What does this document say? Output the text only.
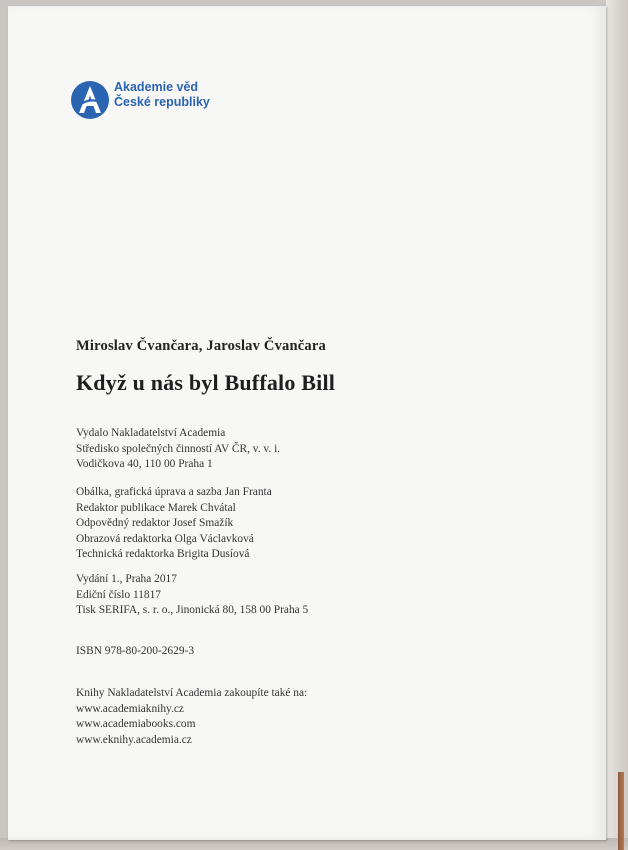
Akademie věd
České republiky
Miroslav Čvančara, Jaroslav Čvančara
Když u nás byl Buffalo Bill
Vydalo Nakladatelství Academia
Středisko společných činností AV ČR, v. v. i.
Vodičkova 40, 110 00 Praha 1
Obálka, grafická úprava a sazba Jan Franta
Redaktor publikace Marek Chvátal
Odpovědný redaktor Josef Smažík
Obrazová redaktorka Olga Václavková
Technická redaktorka Brigita Dusíová
Vydání 1., Praha 2017
Ediční číslo 11817
Tisk SERIFA, s. r. o., Jinonická 80, 158 00 Praha 5
ISBN 978-80-200-2629-3
Knihy Nakladatelství Academia zakoupíte také na:
www.academiaknihy.cz
www.academiabooks.com
www.eknihy.academia.cz
